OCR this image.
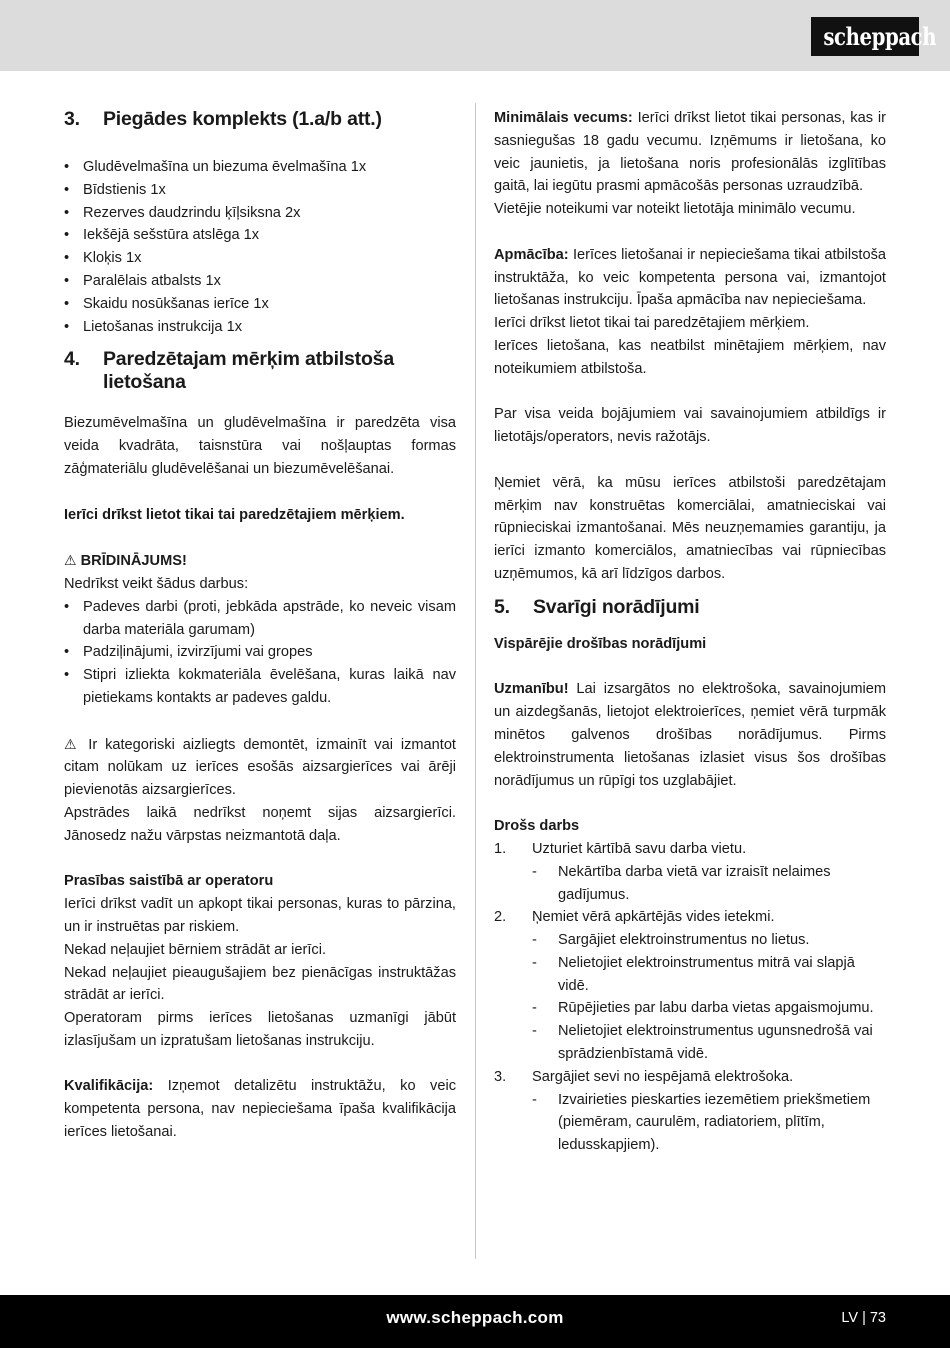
scheppach
3.	Piegādes komplekts (1.a/b att.)
• Gludēvelmašīna un biezuma ēvelmašīna 1x
• Bīdstienis 1x
• Rezerves daudzrindu ķīļsiksna 2x
• Iekšējā sešstūra atslēga 1x
• Kloķis 1x
• Paralēlais atbalsts 1x
• Skaidu nosūkšanas ierīce 1x
• Lietošanas instrukcija 1x
4.	Paredzētajam mērķim atbilstoša lietošana

Biezumēvelmašīna un gludēvelmašīna ir paredzēta visa veida kvadrāta, taisnstūra vai nošļauptas formas zāģmateriālu gludēvelēšanai un biezumēvelēšanai.

Ierīci drīkst lietot tikai tai paredzētajiem mērķiem.

⚠ BRĪDINĀJUMS!

Nedrīkst veikt šādus darbus:

• Padeves darbi (proti, jebkāda apstrāde, ko neveic visam darba materiāla garumam)
• Padziļinājumi, izvirzījumi vai gropes
• Stipri izliekta kokmateriāla ēvelēšana, kuras laikā nav pietiekams kontakts ar padeves galdu.

⚠ Ir kategoriski aizliegts demontēt, izmainīt vai izmantot citam nolūkam uz ierīces esošās aizsargierīces vai ārēji pievienotās aizsargierīces.

Apstrādes laikā nedrīkst noņemt sijas aizsargierīci. Jānosedz nažu vārpstas neizmantotā daļa.

Prasības saistībā ar operatoru

Ierīci drīkst vadīt un apkopt tikai personas, kuras to pārzina, un ir instruētas par riskiem.

Nekad neļaujiet bērniem strādāt ar ierīci.

Nekad neļaujiet pieaugušajiem bez pienācīgas instruktāžas strādāt ar ierīci.

Operatoram pirms ierīces lietošanas uzmanīgi jābūt izlasījušam un izpratušam lietošanas instrukciju.

Kvalifikācija: Izņemot detalizētu instruktāžu, ko veic kompetenta persona, nav nepieciešama īpaša kvalifikācija ierīces lietošanai.

Minimālais vecums: Ierīci drīkst lietot tikai personas, kas ir sasniegušas 18 gadu vecumu. Izņēmums ir lietošana, ko veic jaunietis, ja lietošana noris profesionālās izglītības gaitā, lai iegūtu prasmi apmācošās personas uzraudzībā.

Vietējie noteikumi var noteikt lietotāja minimālo vecumu.

Apmācība: Ierīces lietošanai ir nepieciešama tikai atbilstoša instruktāža, ko veic kompetenta persona vai, izmantojot lietošanas instrukciju. Īpaša apmācība nav nepieciešama.

Ierīci drīkst lietot tikai tai paredzētajiem mērķiem.

Ierīces lietošana, kas neatbilst minētajiem mērķiem, nav noteikumiem atbilstoša.

Par visa veida bojājumiem vai savainojumiem atbildīgs ir lietotājs/operators, nevis ražotājs.

Ņemiet vērā, ka mūsu ierīces atbilstoši paredzētajam mērķim nav konstruētas komerciālai, amatnieciskai vai rūpnieciskai izmantošanai. Mēs neuzņemamies garantiju, ja ierīci izmanto komerciālos, amatniecības vai rūpniecības uzņēmumos, kā arī līdzīgos darbos.

5.	Svarīgi norādījumi

Vispārējie drošības norādījumi

Uzmanību! Lai izsargātos no elektrošoka, savainojumiem un aizdegšanās, lietojot elektroierīces, ņemiet vērā turpmāk minētos galvenos drošības norādījumus. Pirms elektroinstrumenta lietošanas izlasiet visus šos drošības norādījumus un rūpīgi tos uzglabājiet.

Drošs darbs

1. Uzturiet kārtībā savu darba vietu.
- Nekārtība darba vietā var izraisīt nelaimes gadījumus.
2. Ņemiet vērā apkārtējās vides ietekmi.
- Sargājiet elektroinstrumentus no lietus.
- Nelietojiet elektroinstrumentus mitrā vai slapjā vidē.
- Rūpējieties par labu darba vietas apgaismojumu.
- Nelietojiet elektroinstrumentus ugunsnedrošā vai sprādzienbīstamā vidē.
3. Sargājiet sevi no iespējamā elektrošoka.
- Izvairieties pieskarties iezemētiem priekšmetiem (piemēram, caurulēm, radiatoriem, plītīm, ledusskapjiem).
www.scheppach.com	LV | 73
